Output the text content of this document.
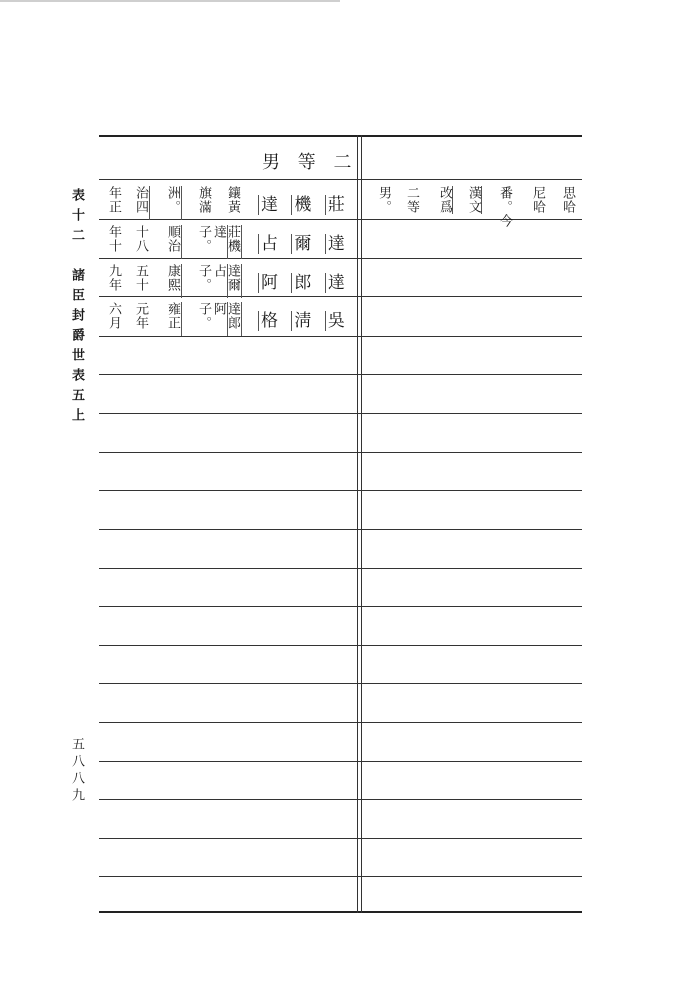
表十二　諸臣封爵世表五上
五八八九
男 等 二
達 機 莊
鑲黃
旗滿
洲。
治四
年正
占 爾 達
莊機
達子。
順治
十八
年十
阿 郎 達
達爾
占子。
康熙
五十
九年
格 淸 吳
達郎
阿子。
雍正
元年
六月
思哈
尼哈
番。今
漢文
改爲
二等
男。
